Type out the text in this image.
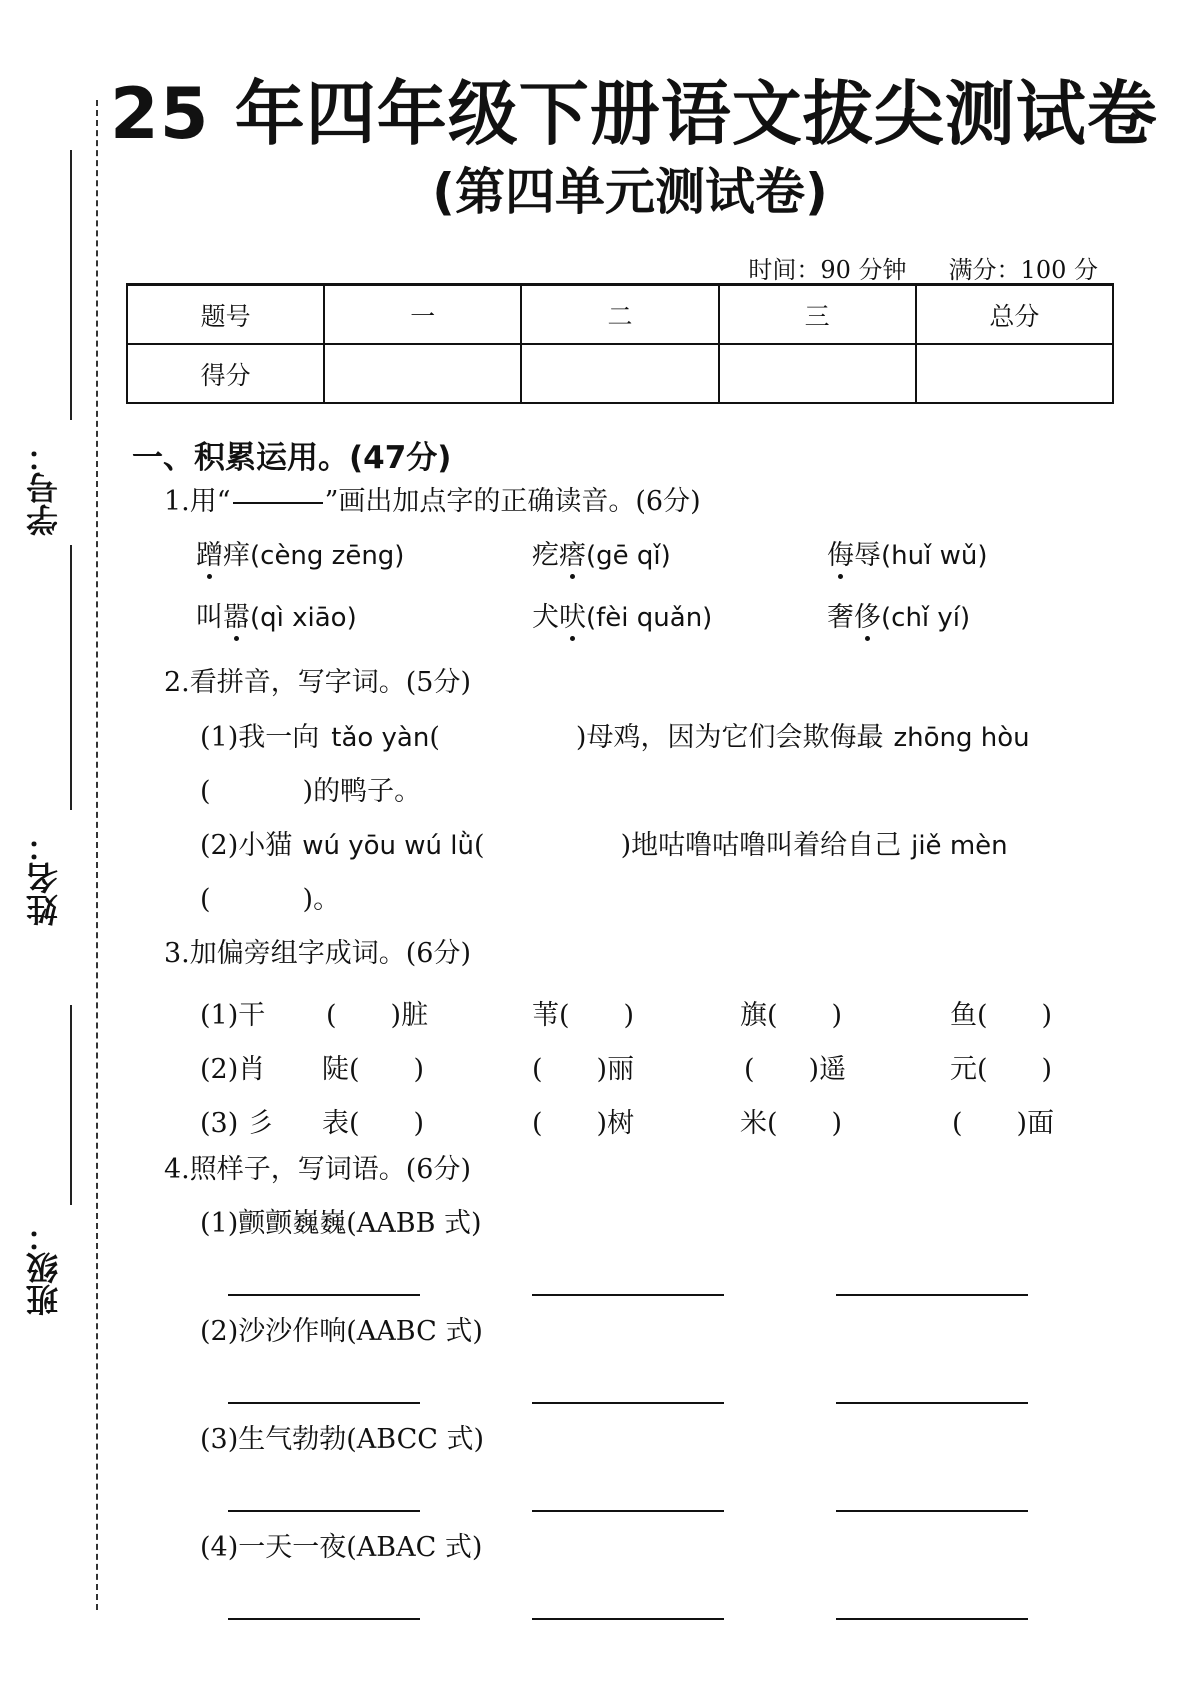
学号：
姓名：
班级：
25 年四年级下册语文拔尖测试卷
(第四单元测试卷)
时间：90 分钟 满分：100 分
题号	一	二	三	总分
得分				
一、积累运用。(47分)
1.用“	”画出加点字的正确读音。(6分)
蹭痒(cèng zēng)	疙瘩(gē qǐ)	侮辱(huǐ wǔ)
叫嚣(qì xiāo)	犬吠(fèi quǎn)	奢侈(chǐ yí)
2.看拼音，写字词。(5分)
(1)我一向 tǎo yàn(	)母鸡，因为它们会欺侮最 zhōng hòu
(	)的鸭子。
(2)小猫 wú yōu wú lǜ(	)地咕噜咕噜叫着给自己 jiě mèn
(	)。
3.加偏旁组字成词。(6分)
(1)干 (　　)脏	苇(　　)	旗(　　)	鱼(　　)
(2)肖 陡(　　)	(　　)丽	(　　)遥	元(　　)
(3) 彡 表(　　)	(　　)树	米(　　)	(　　)面
4.照样子，写词语。(6分)
(1)颤颤巍巍(AABB 式)
(2)沙沙作响(AABC 式)
(3)生气勃勃(ABCC 式)
(4)一天一夜(ABAC 式)
